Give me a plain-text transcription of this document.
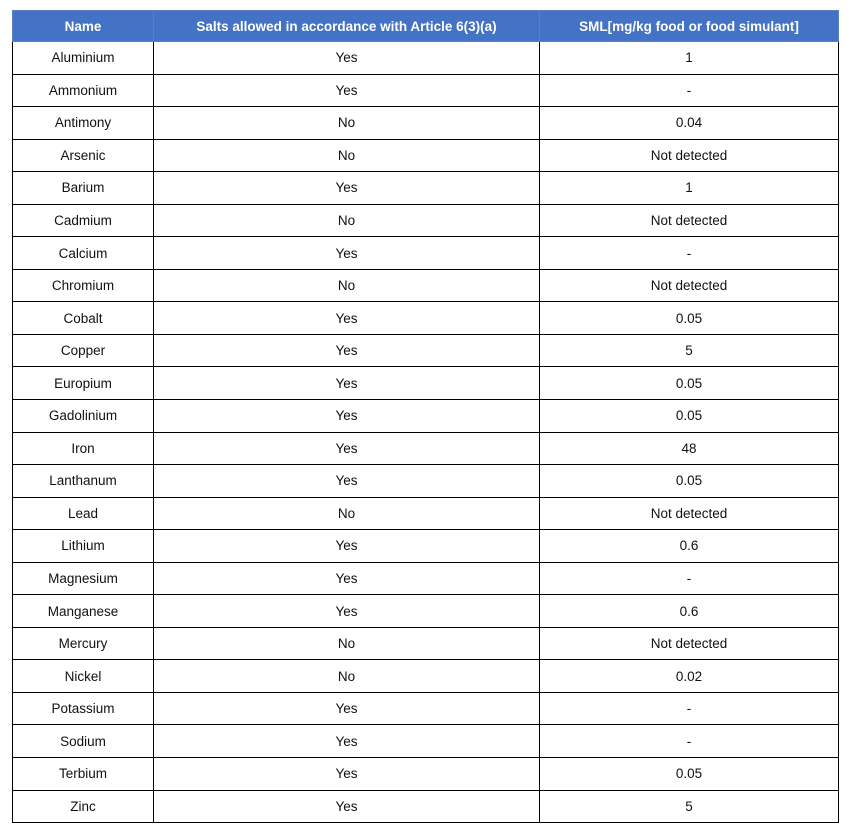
Name	Salts allowed in accordance with Article 6(3)(a)	SML[mg/kg food or food simulant]
Aluminium	Yes	1
Ammonium	Yes	-
Antimony	No	0.04
Arsenic	No	Not detected
Barium	Yes	1
Cadmium	No	Not detected
Calcium	Yes	-
Chromium	No	Not detected
Cobalt	Yes	0.05
Copper	Yes	5
Europium	Yes	0.05
Gadolinium	Yes	0.05
Iron	Yes	48
Lanthanum	Yes	0.05
Lead	No	Not detected
Lithium	Yes	0.6
Magnesium	Yes	-
Manganese	Yes	0.6
Mercury	No	Not detected
Nickel	No	0.02
Potassium	Yes	-
Sodium	Yes	-
Terbium	Yes	0.05
Zinc	Yes	5
